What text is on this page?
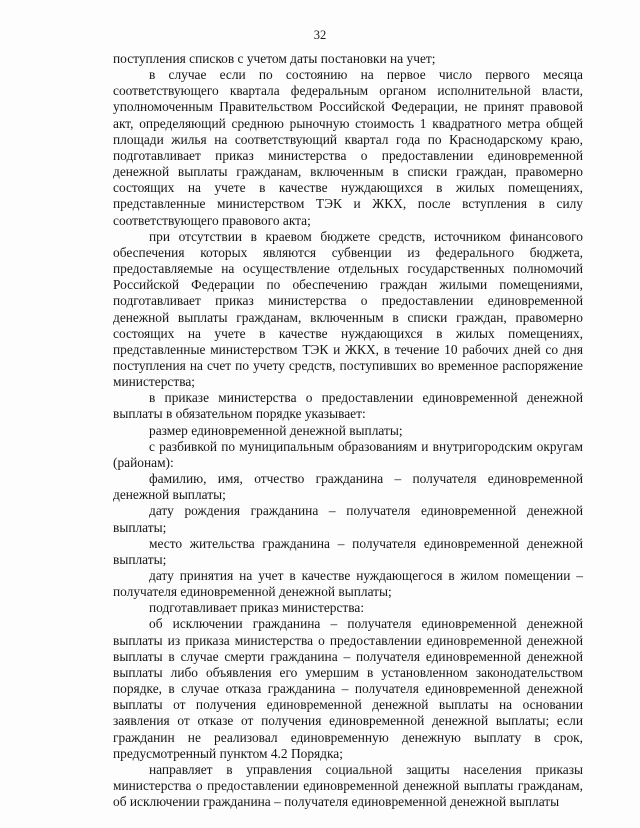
32

поступления списков с учетом даты постановки на учет;

в случае если по состоянию на первое число первого месяца соответствующего квартала федеральным органом исполнительной власти, уполномоченным Правительством Российской Федерации, не принят правовой акт, определяющий среднюю рыночную стоимость 1 квадратного метра общей площади жилья на соответствующий квартал года по Краснодарскому краю, подготавливает приказ министерства о предоставлении единовременной денежной выплаты гражданам, включенным в списки граждан, правомерно состоящих на учете в качестве нуждающихся в жилых помещениях, представленные министерством ТЭК и ЖКХ, после вступления в силу соответствующего правового акта;

при отсутствии в краевом бюджете средств, источником финансового обеспечения которых являются субвенции из федерального бюджета, предоставляемые на осуществление отдельных государственных полномочий Российской Федерации по обеспечению граждан жилыми помещениями, подготавливает приказ министерства о предоставлении единовременной денежной выплаты гражданам, включенным в списки граждан, правомерно состоящих на учете в качестве нуждающихся в жилых помещениях, представленные министерством ТЭК и ЖКХ, в течение 10 рабочих дней со дня поступления на счет по учету средств, поступивших во временное распоряжение министерства;

в приказе министерства о предоставлении единовременной денежной выплаты в обязательном порядке указывает:

размер единовременной денежной выплаты;

с разбивкой по муниципальным образованиям и внутригородским округам (районам):

фамилию, имя, отчество гражданина – получателя единовременной денежной выплаты;

дату рождения гражданина – получателя единовременной денежной выплаты;

место жительства гражданина – получателя единовременной денежной выплаты;

дату принятия на учет в качестве нуждающегося в жилом помещении – получателя единовременной денежной выплаты;

подготавливает приказ министерства:

об исключении гражданина – получателя единовременной денежной выплаты из приказа министерства о предоставлении единовременной денежной выплаты в случае смерти гражданина – получателя единовременной денежной выплаты либо объявления его умершим в установленном законодательством порядке, в случае отказа гражданина – получателя единовременной денежной выплаты от получения единовременной денежной выплаты на основании заявления от отказе от получения единовременной денежной выплаты; если гражданин не реализовал единовременную денежную выплату в срок, предусмотренный пунктом 4.2 Порядка;

направляет в управления социальной защиты населения приказы министерства о предоставлении единовременной денежной выплаты гражданам, об исключении гражданина – получателя единовременной денежной выплаты
